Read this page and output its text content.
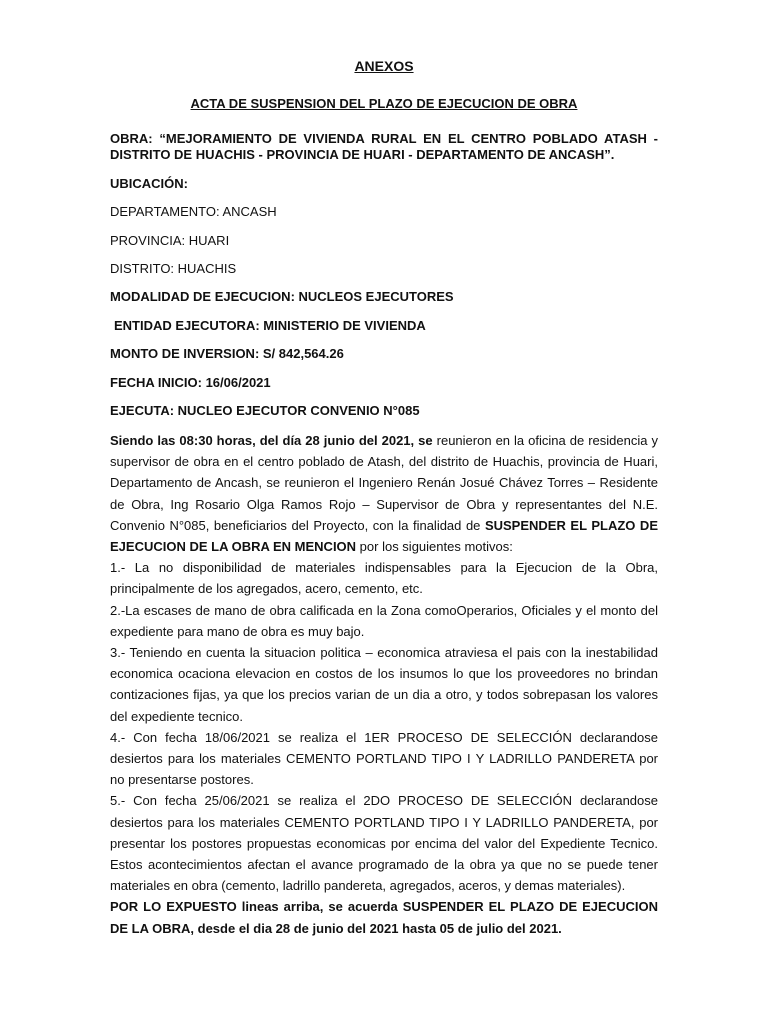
ANEXOS
ACTA DE SUSPENSION DEL PLAZO DE EJECUCION DE OBRA
OBRA: “MEJORAMIENTO DE VIVIENDA RURAL EN EL CENTRO POBLADO ATASH - DISTRITO DE HUACHIS - PROVINCIA DE HUARI - DEPARTAMENTO DE ANCASH”.
UBICACIÓN:
DEPARTAMENTO: ANCASH
PROVINCIA: HUARI
DISTRITO: HUACHIS
MODALIDAD DE EJECUCION: NUCLEOS EJECUTORES
ENTIDAD EJECUTORA: MINISTERIO DE VIVIENDA
MONTO DE INVERSION: S/ 842,564.26
FECHA INICIO: 16/06/2021
EJECUTA: NUCLEO EJECUTOR CONVENIO N°085

Siendo las 08:30 horas, del día 28 junio del 2021, se reunieron en la oficina de residencia y supervisor de obra en el centro poblado de Atash, del distrito de Huachis, provincia de Huari, Departamento de Ancash, se reunieron el Ingeniero Renán Josué Chávez Torres – Residente de Obra, Ing Rosario Olga Ramos Rojo – Supervisor de Obra y representantes del N.E. Convenio N°085, beneficiarios del Proyecto, con la finalidad de SUSPENDER EL PLAZO DE EJECUCION DE LA OBRA EN MENCION por los siguientes motivos:

1.- La no disponibilidad de materiales indispensables para la Ejecucion de la Obra, principalmente de los agregados, acero, cemento, etc.

2.-La escases de mano de obra calificada en la Zona comoOperarios, Oficiales y el monto del expediente para mano de obra es muy bajo.

3.- Teniendo en cuenta la situacion politica – economica atraviesa el pais con la inestabilidad economica ocaciona elevacion en costos de los insumos lo que los proveedores no brindan contizaciones fijas, ya que los precios varian de un dia a otro, y todos sobrepasan los valores del expediente tecnico.

4.- Con fecha 18/06/2021 se realiza el 1ER PROCESO DE SELECCIÓN declarandose desiertos para los materiales CEMENTO PORTLAND TIPO I Y LADRILLO PANDERETA por no presentarse postores.

5.- Con fecha 25/06/2021 se realiza el 2DO PROCESO DE SELECCIÓN declarandose desiertos para los materiales CEMENTO PORTLAND TIPO I Y LADRILLO PANDERETA, por presentar los postores propuestas economicas por encima del valor del Expediente Tecnico. Estos acontecimientos afectan el avance programado de la obra ya que no se puede tener materiales en obra (cemento, ladrillo pandereta, agregados, aceros, y demas materiales).

POR LO EXPUESTO lineas arriba, se acuerda SUSPENDER EL PLAZO DE EJECUCION DE LA OBRA, desde el dia 28 de junio del 2021 hasta 05 de julio del 2021.
